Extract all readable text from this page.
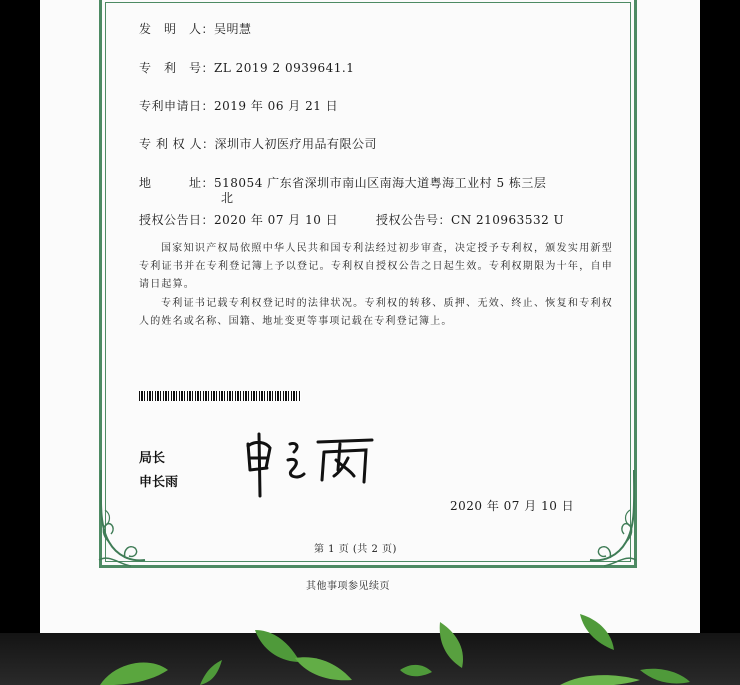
发　明　人：吴明慧
专　利　号：ZL 2019 2 0939641.1
专利申请日：2019 年 06 月 21 日
专 利 权 人：深圳市人初医疗用品有限公司
地　　　址：518054 广东省深圳市南山区南海大道粤海工业村 5 栋三层
北
授权公告日：2020 年 07 月 10 日	授权公告号：CN 210963532 U
国家知识产权局依照中华人民共和国专利法经过初步审查，决定授予专利权，颁发实用新型专利证书并在专利登记簿上予以登记。专利权自授权公告之日起生效。专利权期限为十年，自申请日起算。
专利证书记载专利权登记时的法律状况。专利权的转移、质押、无效、终止、恢复和专利权人的姓名或名称、国籍、地址变更等事项记载在专利登记簿上。
局长
申长雨
2020 年 07 月 10 日
第 1 页 (共 2 页)
其他事项参见续页
